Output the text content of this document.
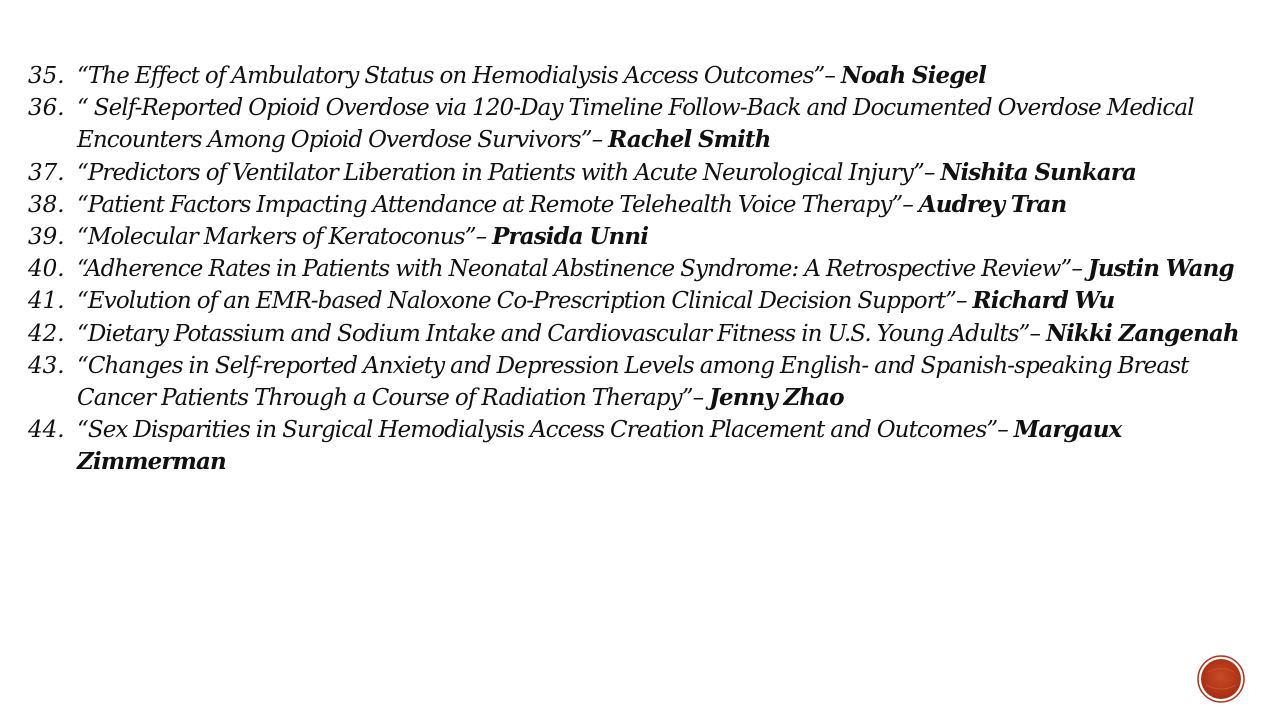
35. “The Effect of Ambulatory Status on Hemodialysis Access Outcomes”– Noah Siegel
36. “ Self-Reported Opioid Overdose via 120-Day Timeline Follow-Back and Documented Overdose Medical Encounters Among Opioid Overdose Survivors”– Rachel Smith
37. “Predictors of Ventilator Liberation in Patients with Acute Neurological Injury”– Nishita Sunkara
38. “Patient Factors Impacting Attendance at Remote Telehealth Voice Therapy”– Audrey Tran
39. “Molecular Markers of Keratoconus”– Prasida Unni
40. “Adherence Rates in Patients with Neonatal Abstinence Syndrome: A Retrospective Review”– Justin Wang
41. “Evolution of an EMR-based Naloxone Co-Prescription Clinical Decision Support”– Richard Wu
42. “Dietary Potassium and Sodium Intake and Cardiovascular Fitness in U.S. Young Adults”– Nikki Zangenah
43. “Changes in Self-reported Anxiety and Depression Levels among English- and Spanish-speaking Breast Cancer Patients Through a Course of Radiation Therapy”– Jenny Zhao
44. “Sex Disparities in Surgical Hemodialysis Access Creation Placement and Outcomes”– Margaux Zimmerman
